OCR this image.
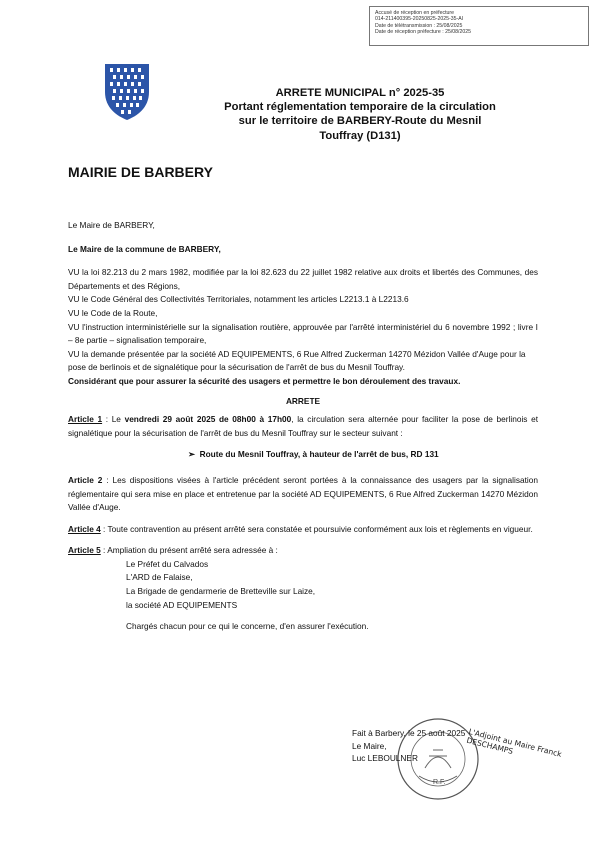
Accusé de réception en préfecture
014-211400395-20250825-2025-35-AI
Date de télétransmission : 25/08/2025
Date de réception préfecture : 25/08/2025
ARRETE MUNICIPAL n° 2025-35
Portant réglementation temporaire de la circulation
sur le territoire de BARBERY-Route du Mesnil
Touffray (D131)
MAIRIE DE BARBERY

Le Maire de BARBERY,

Le Maire de la commune de BARBERY,

VU la loi 82.213 du 2 mars 1982, modifiée par la loi 82.623 du 22 juillet 1982 relative aux droits et libertés des Communes, des Départements et des Régions,

VU le Code Général des Collectivités Territoriales, notamment les articles L2213.1 à L2213.6

VU le Code de la Route,

VU l'instruction interministérielle sur la signalisation routière, approuvée par l'arrêté interministériel du 6 novembre 1992 ; livre I – 8e partie – signalisation temporaire,

VU la demande présentée par la société AD EQUIPEMENTS, 6 Rue Alfred Zuckerman 14270 Mézidon Vallée d'Auge pour la pose de berlinois et de signalétique pour la sécurisation de l'arrêt de bus du Mesnil Touffray.

Considérant que pour assurer la sécurité des usagers et permettre le bon déroulement des travaux.

ARRETE

Article 1 : Le vendredi 29 août 2025 de 08h00 à 17h00, la circulation sera alternée pour faciliter la pose de berlinois et signalétique pour la sécurisation de l'arrêt de bus du Mesnil Touffray sur le secteur suivant :

➢ Route du Mesnil Touffray, à hauteur de l'arrêt de bus, RD 131

Article 2 : Les dispositions visées à l'article précédent seront portées à la connaissance des usagers par la signalisation réglementaire qui sera mise en place et entretenue par la société AD EQUIPEMENTS, 6 Rue Alfred Zuckerman 14270 Mézidon Vallée d'Auge.

Article 4 : Toute contravention au présent arrêté sera constatée et poursuivie conformément aux lois et règlements en vigueur.

Article 5 : Ampliation du présent arrêté sera adressée à :

Le Préfet du Calvados

L'ARD de Falaise,

La Brigade de gendarmerie de Bretteville sur Laize,

la société AD EQUIPEMENTS

Chargés chacun pour ce qui le concerne, d'en assurer l'exécution.

R.F.
Fait à Barbery, le 25 août 2025
Le Maire,
Luc LEBOULNER	L'Adjoint au Maire Franck DESCHAMPS
